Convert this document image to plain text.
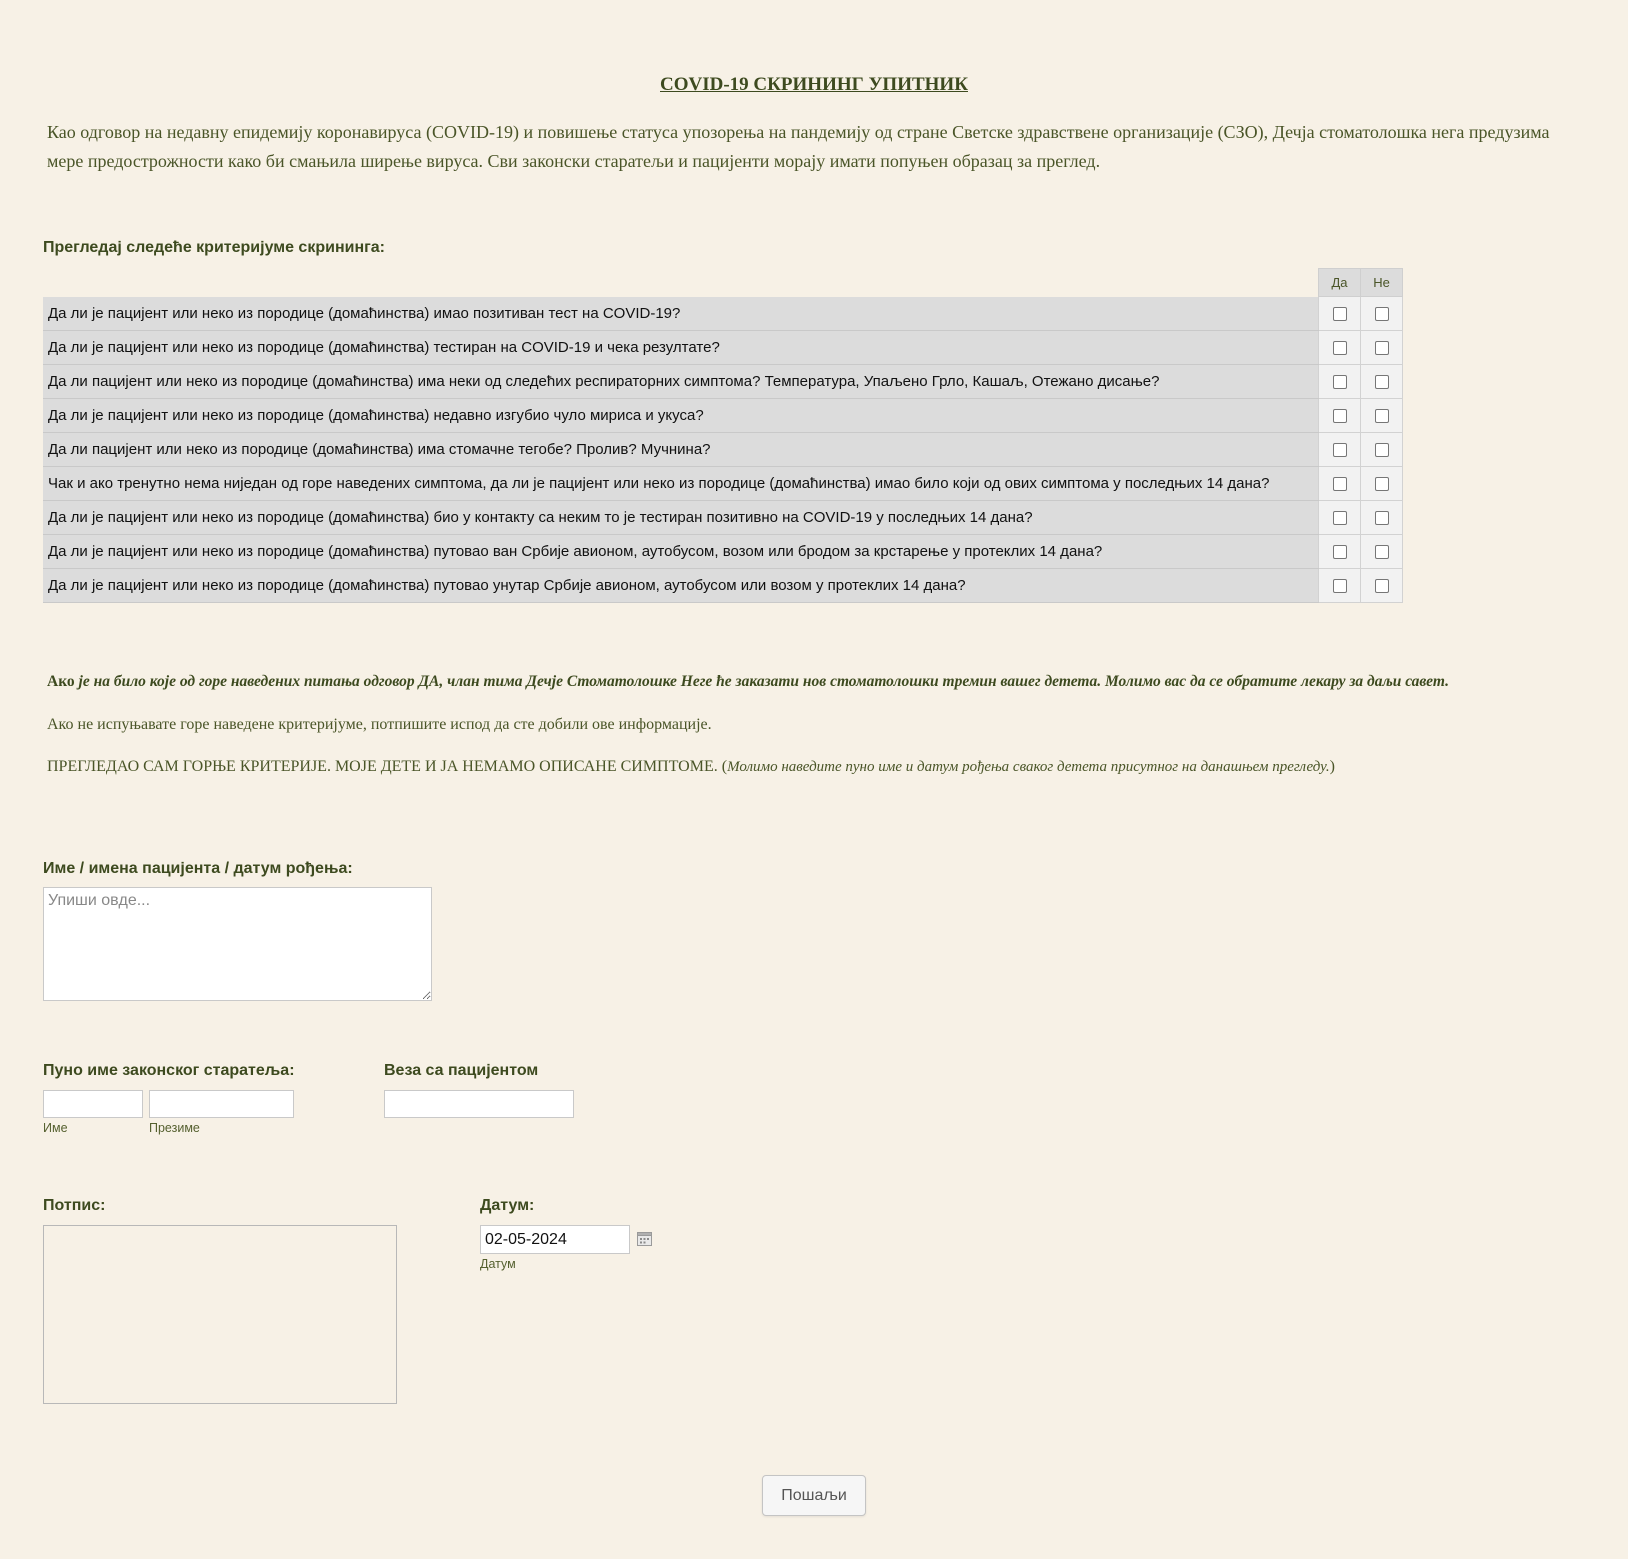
COVID-19 СКРИНИНГ УПИТНИК
Као одговор на недавну епидемију коронавируса (COVID-19) и повишење статуса упозорења на пандемију од стране Светске здравствене организације (СЗО), Дечја стоматолошка нега предузима мере предострожности како би смањила ширење вируса. Сви законски старатељи и пацијенти морају имати попуњен образац за преглед.
Прегледај следеће критеријуме скрининга:
	Да	Не
Да ли је пацијент или неко из породице (домаћинства) имао позитиван тест на COVID-19?		
Да ли је пацијент или неко из породице (домаћинства) тестиран на COVID-19 и чека резултате?		
Да ли пацијент или неко из породице (домаћинства) има неки од следећих респираторних симптома? Температура, Упаљено Грло, Кашаљ, Отежано дисање?		
Да ли је пацијент или неко из породице (домаћинства) недавно изгубио чуло мириса и укуса?		
Да ли пацијент или неко из породице (домаћинства) има стомачне тегобе? Пролив? Мучнина?		
Чак и ако тренутно нема ниједан од горе наведених симптома, да ли је пацијент или неко из породице (домаћинства) имао било који од ових симптома у последњих 14 дана?		
Да ли је пацијент или неко из породице (домаћинства) био у контакту са неким то је тестиран позитивно на COVID-19 у последњих 14 дана?		
Да ли је пацијент или неко из породице (домаћинства) путовао ван Србије авионом, аутобусом, возом или бродом за крстарење у протеклих 14 дана?		
Да ли је пацијент или неко из породице (домаћинства) путовао унутар Србије авионом, аутобусом или возом у протеклих 14 дана?		
Ако је на било које од горе наведених питања одговор ДА, члан тима Дечје Стоматолошке Неге ће заказати нов стоматолошки тремин вашег детета. Молимо вас да се обратите лекару за даљи савет.
Ако не испуњавате горе наведене критеријуме, потпишите испод да сте добили ове информације.
ПРЕГЛЕДАО САМ ГОРЊЕ КРИТЕРИЈЕ. МОЈЕ ДЕТЕ И ЈА НЕМАМО ОПИСАНЕ СИМПТОМЕ. (Молимо наведите пуно име и датум рођења сваког детета присутног на данашњем прегледу.)
Име / имена пацијента / датум рођења:
Упиши овде...
Пуно име законског старатеља:
Име	Презиме
Веза са пацијентом
Потпис:	Датум:
02-05-2024
Датум
Пошаљи
